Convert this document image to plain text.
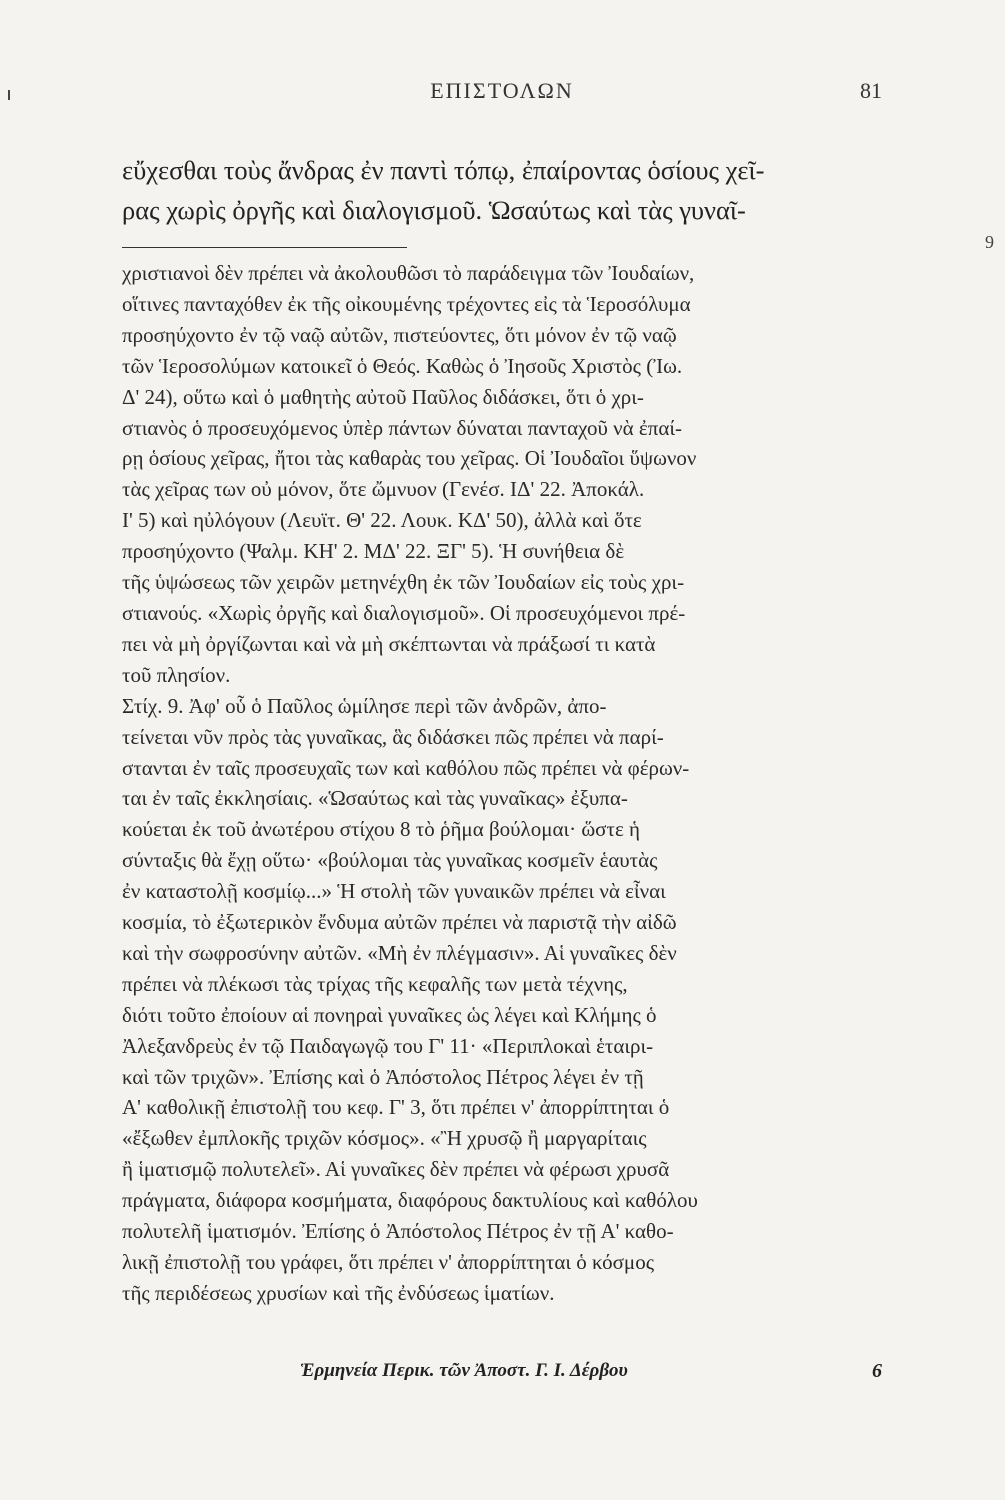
ΕΠΙΣΤΟΛΩΝ	81
εὔχεσθαι τοὺς ἄνδρας ἐν παντὶ τόπῳ, ἐπαίροντας ὁσίους χεῖ-
ρας χωρὶς ὀργῆς καὶ διαλογισμοῦ. Ὡσαύτως καὶ τὰς γυναῖ-
9
χριστιανοὶ δὲν πρέπει νὰ ἀκολουθῶσι τὸ παράδειγμα τῶν Ἰουδαίων,
οἵτινες πανταχόθεν ἐκ τῆς οἰκουμένης τρέχοντες εἰς τὰ Ἱεροσόλυμα
προσηύχοντο ἐν τῷ ναῷ αὐτῶν, πιστεύοντες, ὅτι μόνον ἐν τῷ ναῷ
τῶν Ἱεροσολύμων κατοικεῖ ὁ Θεός. Καθὼς ὁ Ἰησοῦς Χριστὸς (Ἰω.
Δ' 24), οὕτω καὶ ὁ μαθητὴς αὐτοῦ Παῦλος διδάσκει, ὅτι ὁ χρι-
στιανὸς ὁ προσευχόμενος ὑπὲρ πάντων δύναται πανταχοῦ νὰ ἐπαί-
ρῃ ὁσίους χεῖρας, ἤτοι τὰς καθαρὰς του χεῖρας. Οἱ Ἰουδαῖοι ὕψωνον
τὰς χεῖρας των οὐ μόνον, ὅτε ὤμνυον (Γενέσ. ΙΔ' 22. Ἀποκάλ.
Ι' 5) καὶ ηὐλόγουν (Λευϊτ. Θ' 22. Λουκ. ΚΔ' 50), ἀλλὰ καὶ ὅτε
προσηύχοντο (Ψαλμ. ΚΗ' 2. ΜΔ' 22. ΞΓ' 5). Ἡ συνήθεια δὲ
τῆς ὑψώσεως τῶν χειρῶν μετηνέχθη ἐκ τῶν Ἰουδαίων εἰς τοὺς χρι-
στιανούς. «Χωρὶς ὀργῆς καὶ διαλογισμοῦ». Οἱ προσευχόμενοι πρέ-
πει νὰ μὴ ὀργίζωνται καὶ νὰ μὴ σκέπτωνται νὰ πράξωσί τι κατὰ
τοῦ πλησίον.
Στίχ. 9. Ἀφ' οὗ ὁ Παῦλος ὡμίλησε περὶ τῶν ἀνδρῶν, ἀπο-
τείνεται νῦν πρὸς τὰς γυναῖκας, ἃς διδάσκει πῶς πρέπει νὰ παρί-
στανται ἐν ταῖς προσευχαῖς των καὶ καθόλου πῶς πρέπει νὰ φέρων-
ται ἐν ταῖς ἐκκλησίαις. «Ὡσαύτως καὶ τὰς γυναῖκας» ἐξυπα-
κούεται ἐκ τοῦ ἀνωτέρου στίχου 8 τὸ ῥῆμα βούλομαι· ὥστε ἡ
σύνταξις θὰ ἔχῃ οὕτω· «βούλομαι τὰς γυναῖκας κοσμεῖν ἑαυτὰς
ἐν καταστολῇ κοσμίῳ...» Ἡ στολὴ τῶν γυναικῶν πρέπει νὰ εἶναι
κοσμία, τὸ ἐξωτερικὸν ἔνδυμα αὐτῶν πρέπει νὰ παριστᾷ τὴν αἰδῶ
καὶ τὴν σωφροσύνην αὐτῶν. «Μὴ ἐν πλέγμασιν». Αἱ γυναῖκες δὲν
πρέπει νὰ πλέκωσι τὰς τρίχας τῆς κεφαλῆς των μετὰ τέχνης,
διότι τοῦτο ἐποίουν αἱ πονηραὶ γυναῖκες ὡς λέγει καὶ Κλήμης ὁ
Ἀλεξανδρεὺς ἐν τῷ Παιδαγωγῷ του Γ' 11· «Περιπλοκαὶ ἑταιρι-
καὶ τῶν τριχῶν». Ἐπίσης καὶ ὁ Ἀπόστολος Πέτρος λέγει ἐν τῇ
Α' καθολικῇ ἐπιστολῇ του κεφ. Γ' 3, ὅτι πρέπει ν' ἀπορρίπτηται ὁ
«ἔξωθεν ἐμπλοκῆς τριχῶν κόσμος». «Ἢ χρυσῷ ἢ μαργαρίταις
ἢ ἱματισμῷ πολυτελεῖ». Αἱ γυναῖκες δὲν πρέπει νὰ φέρωσι χρυσᾶ
πράγματα, διάφορα κοσμήματα, διαφόρους δακτυλίους καὶ καθόλου
πολυτελῆ ἱματισμόν. Ἐπίσης ὁ Ἀπόστολος Πέτρος ἐν τῇ Α' καθο-
λικῇ ἐπιστολῇ του γράφει, ὅτι πρέπει ν' ἀπορρίπτηται ὁ κόσμος
τῆς περιδέσεως χρυσίων καὶ τῆς ἐνδύσεως ἱματίων.
Ἑρμηνεία Περικ. τῶν Ἀποστ. Γ. Ι. Δέρβου	6
